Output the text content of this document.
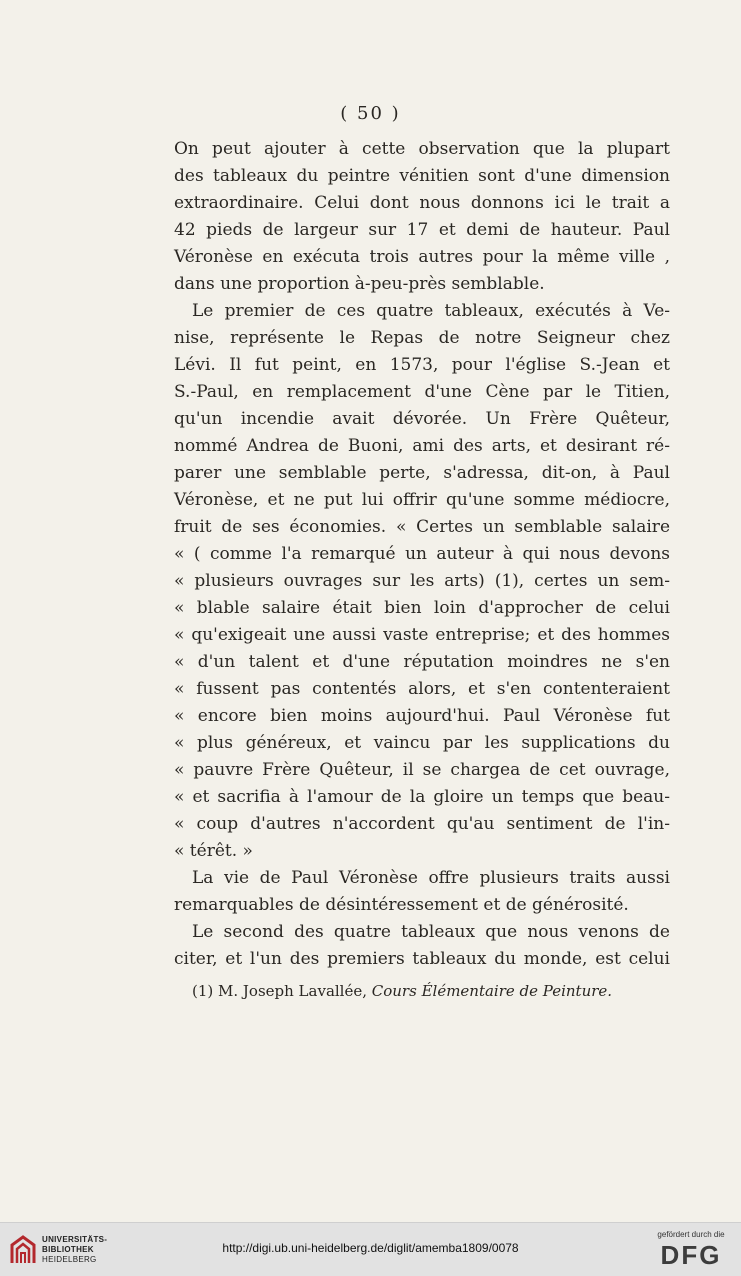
( 50 )
On peut ajouter à cette observation que la plupart
des tableaux du peintre vénitien sont d'une dimension
extraordinaire. Celui dont nous donnons ici le trait a
42 pieds de largeur sur 17 et demi de hauteur. Paul
Véronèse en exécuta trois autres pour la même ville ,
dans une proportion à-peu-près semblable.
Le premier de ces quatre tableaux, exécutés à Ve-
nise, représente le Repas de notre Seigneur chez
Lévi. Il fut peint, en 1573, pour l'église S.-Jean et
S.-Paul, en remplacement d'une Cène par le Titien,
qu'un incendie avait dévorée. Un Frère Quêteur,
nommé Andrea de Buoni, ami des arts, et desirant ré-
parer une semblable perte, s'adressa, dit-on, à Paul
Véronèse, et ne put lui offrir qu'une somme médiocre,
fruit de ses économies. « Certes un semblable salaire
« ( comme l'a remarqué un auteur à qui nous devons
« plusieurs ouvrages sur les arts) (1), certes un sem-
« blable salaire était bien loin d'approcher de celui
« qu'exigeait une aussi vaste entreprise; et des hommes
« d'un talent et d'une réputation moindres ne s'en
« fussent pas contentés alors, et s'en contenteraient
« encore bien moins aujourd'hui. Paul Véronèse fut
« plus généreux, et vaincu par les supplications du
« pauvre Frère Quêteur, il se chargea de cet ouvrage,
« et sacrifia à l'amour de la gloire un temps que beau-
« coup d'autres n'accordent qu'au sentiment de l'in-
« térêt. »
La vie de Paul Véronèse offre plusieurs traits aussi
remarquables de désintéressement et de générosité.
Le second des quatre tableaux que nous venons de
citer, et l'un des premiers tableaux du monde, est celui
(1) M. Joseph Lavallée, Cours Élémentaire de Peinture.
UNIVERSITÄTS-
BIBLIOTHEK
HEIDELBERG
http://digi.ub.uni-heidelberg.de/diglit/amemba1809/0078
gefördert durch die
DFG
